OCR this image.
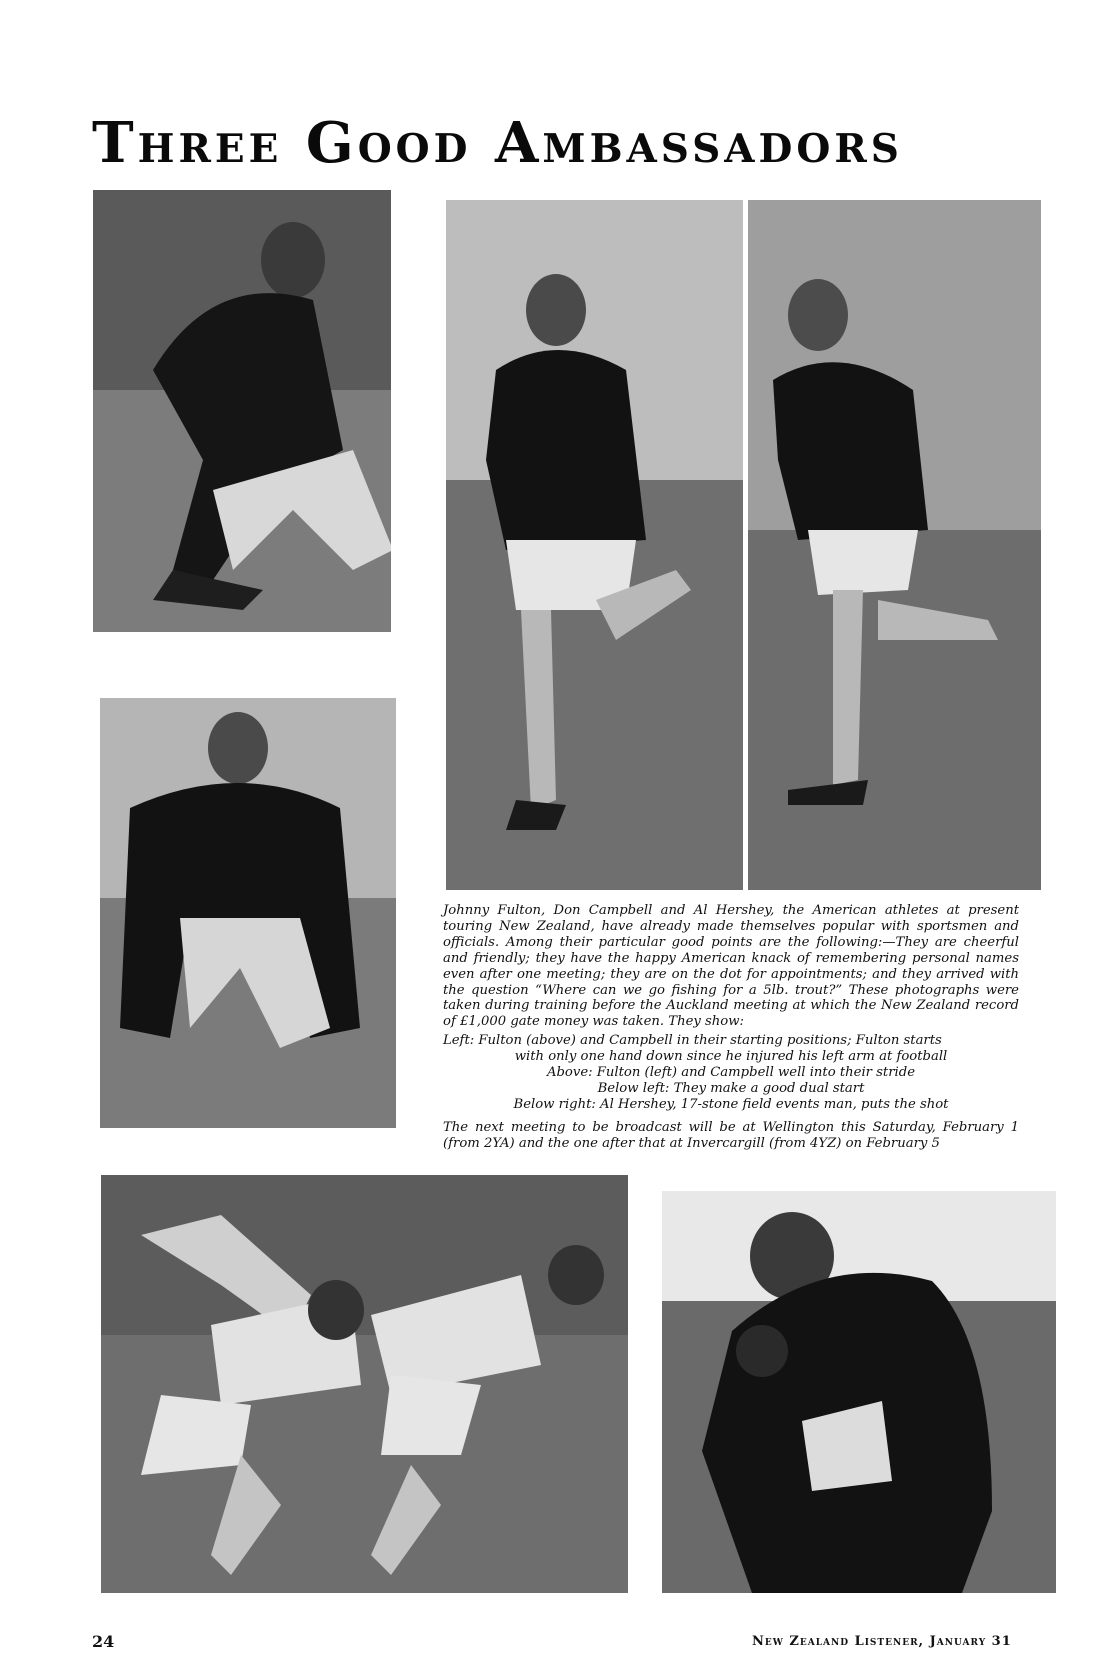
Three Good Ambassadors

Johnny Fulton, Don Campbell and Al Hershey, the American athletes at present touring New Zealand, have already made themselves popular with sportsmen and officials. Among their particular good points are the following:—They are cheerful and friendly; they have the happy American knack of remembering personal names even after one meeting; they are on the dot for appointments; and they arrived with the question “Where can we go fishing for a 5lb. trout?” These photographs were taken during training before the Auckland meeting at which the New Zealand record of £1,000 gate money was taken. They show:

Left: Fulton (above) and Campbell in their starting positions; Fulton starts
with only one hand down since he injured his left arm at football
Above: Fulton (left) and Campbell well into their stride
Below left: They make a good dual start
Below right: Al Hershey, 17-stone field events man, puts the shot

The next meeting to be broadcast will be at Wellington this Saturday, February 1 (from 2YA) and the one after that at Invercargill (from 4YZ) on February 5

24	New Zealand Listener, January 31
